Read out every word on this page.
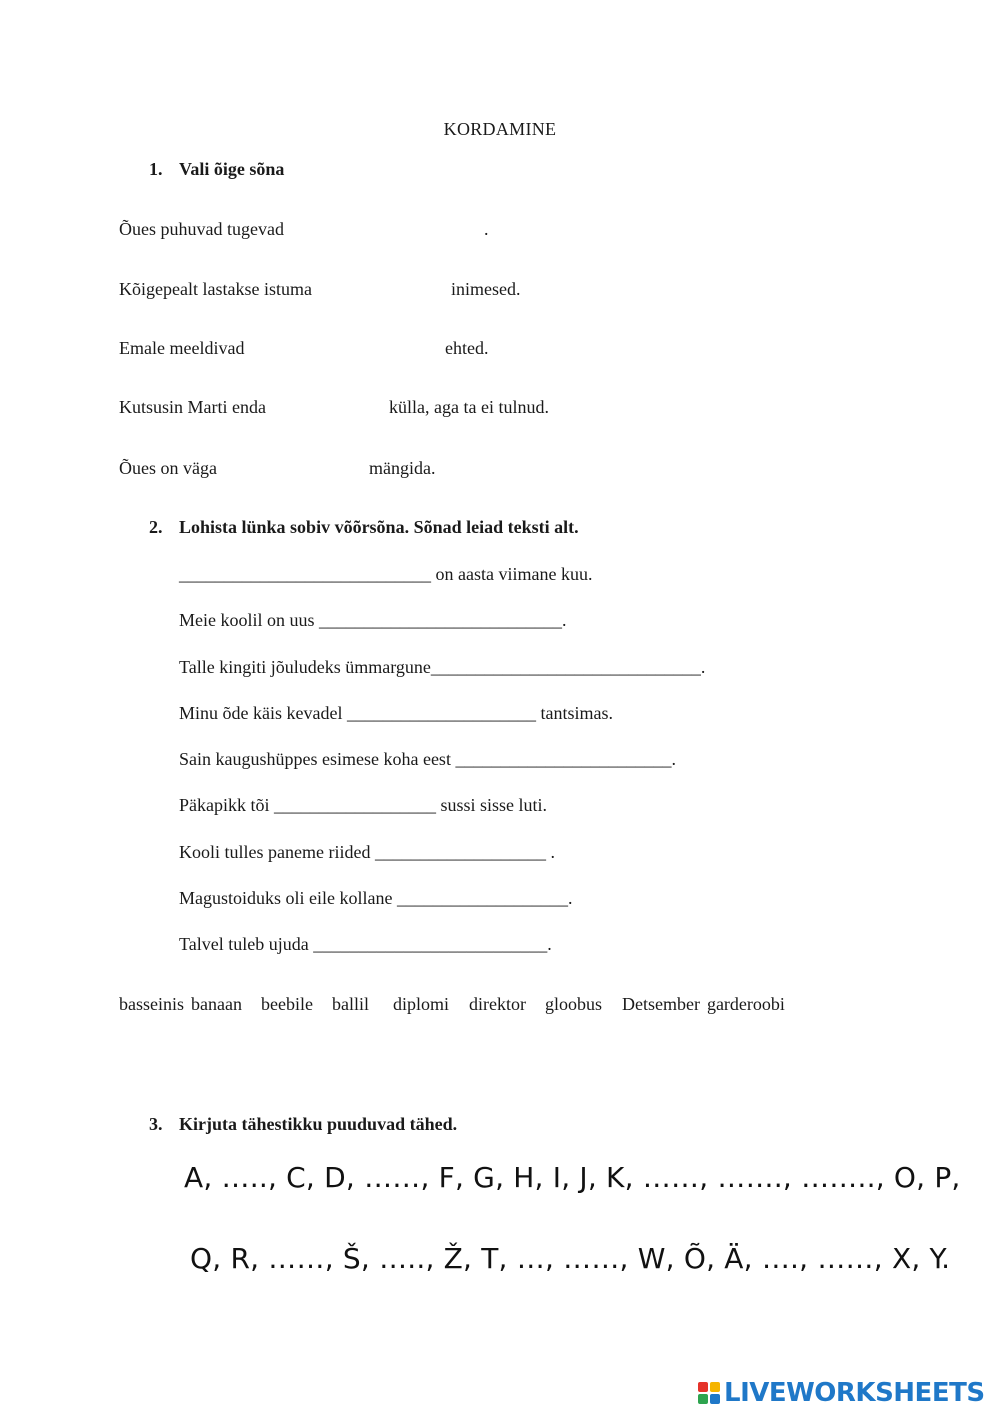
KORDAMINE
1. Vali õige sõna
Õues puhuvad tugevad	.
Kõigepealt lastakse istuma	inimesed.
Emale meeldivad	ehted.
Kutsusin Marti enda	külla, aga ta ei tulnud.
Õues on väga	mängida.
2. Lohista lünka sobiv võõrsõna. Sõnad leiad teksti alt.
____________________________ on aasta viimane kuu.
Meie koolil on uus ___________________________.
Talle kingiti jõuludeks ümmargune______________________________.
Minu õde käis kevadel _____________________ tantsimas.
Sain kaugushüppes esimese koha eest ________________________.
Päkapikk tõi __________________ sussi sisse luti.
Kooli tulles paneme riided ___________________ .
Magustoiduks oli eile kollane ___________________.
Talvel tuleb ujuda __________________________.
basseinis banaan beebile ballil diplomi direktor gloobus Detsember garderoobi
3. Kirjuta tähestikku puuduvad tähed.
A, ….., C, D, ……, F, G, H, I, J, K, ……, ……., …….., O, P,
Q, R, ……, Š, ….., Ž, T, …, ……, W, Õ, Ä, …., ……, X, Y.
LIVEWORKSHEETS
